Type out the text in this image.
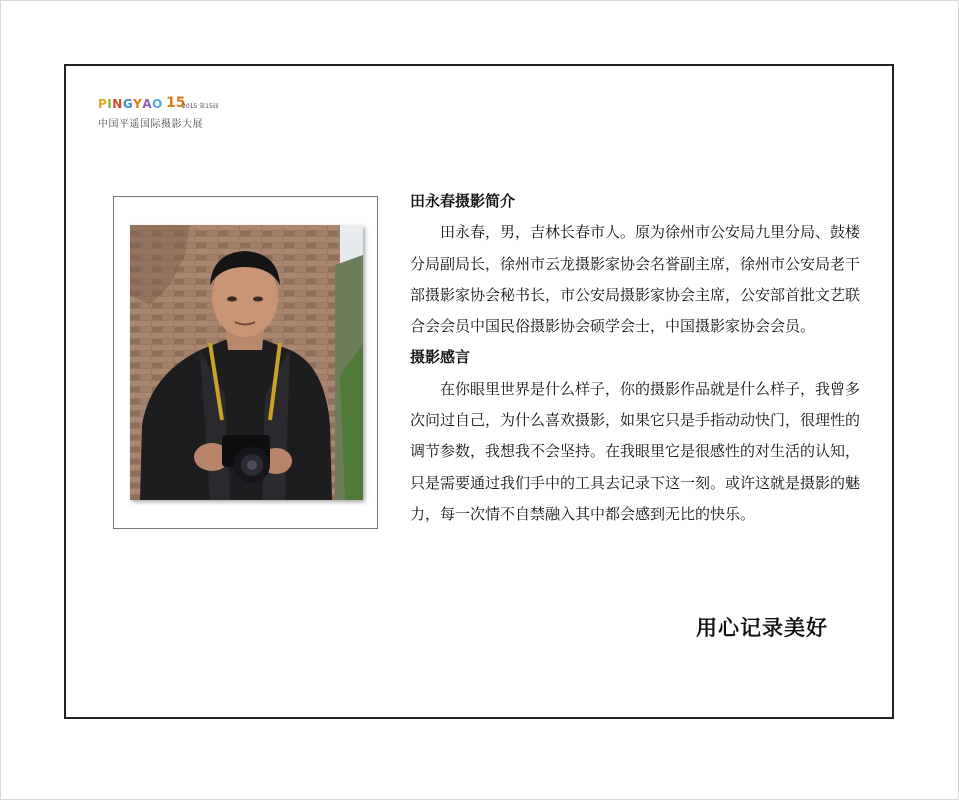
PINGYAO 15
2015 第15届
中国平遥国际摄影大展

田永春摄影简介

田永春，男，吉林长春市人。原为徐州市公安局九里分局、鼓楼分局副局长，徐州市云龙摄影家协会名誉副主席，徐州市公安局老干部摄影家协会秘书长，市公安局摄影家协会主席，公安部首批文艺联合会会员中国民俗摄影协会硕学会士，中国摄影家协会会员。

摄影感言

在你眼里世界是什么样子，你的摄影作品就是什么样子，我曾多次问过自己，为什么喜欢摄影，如果它只是手指动动快门，很理性的调节参数，我想我不会坚持。在我眼里它是很感性的对生活的认知，只是需要通过我们手中的工具去记录下这一刻。或许这就是摄影的魅力，每一次情不自禁融入其中都会感到无比的快乐。

用心记录美好
